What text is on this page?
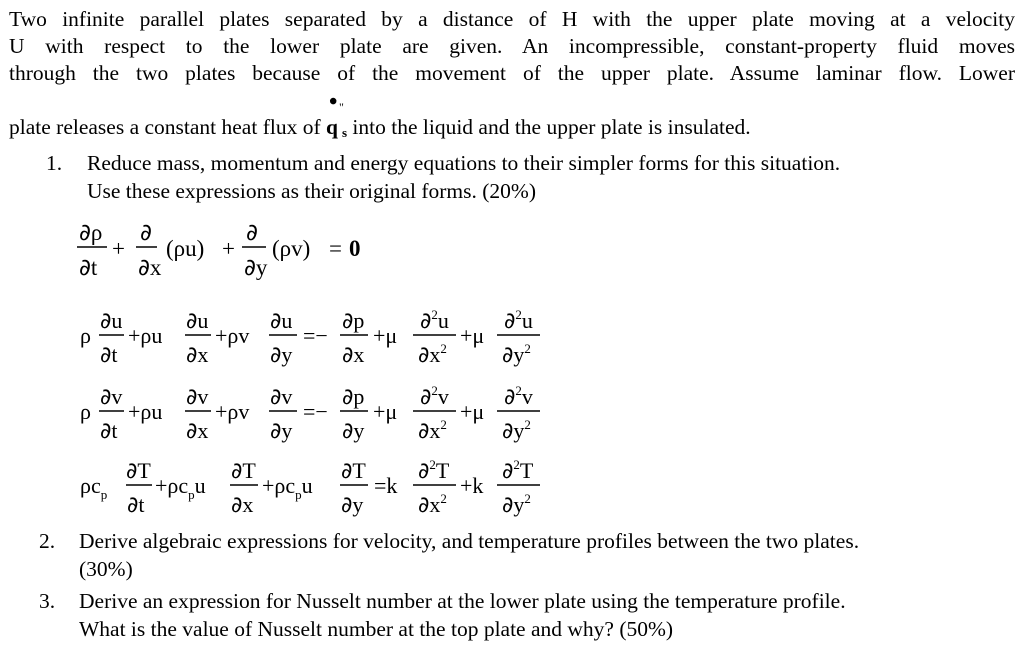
Two infinite parallel plates separated by a distance of H with the upper plate moving at a velocity
U with respect to the lower plate are given. An incompressible, constant-property fluid moves
through the two plates because of the movement of the upper plate. Assume laminar flow. Lower
plate releases a constant heat flux of q
• "
s into the liquid and the upper plate is insulated.
1. Reduce mass, momentum and energy equations to their simpler forms for this situation.
Use these expressions as their original forms. (20%)
∂ρ
∂t
+
∂
∂x
(ρu) +
∂
∂y
(ρv) = 0
ρ
∂u
∂t
+ρu
∂u
∂x
+ρv
∂u
∂y
=−
∂p
∂x
+μ
∂$^2$u
$\partial x^2$
+μ
∂$^2$u
$\partial y^2$
ρ
∂v
∂t
+ρu
∂v
∂x
+ρv
∂v
∂y
=−
∂p
∂y
+μ
∂$^2$v
$\partial x^2$
+μ
∂$^2$v
$\partial y^2$
$\rho c_p$
∂T
∂t
$+\rho c_pu$
∂T
∂x
$+\rho c_pu$
∂T
∂y
=k
∂$^2$T
$\partial x^2$
+k
∂$^2$T
$\partial y^2$
2. Derive algebraic expressions for velocity, and temperature profiles between the two plates.
(30%)
3. Derive an expression for Nusselt number at the lower plate using the temperature profile.
What is the value of Nusselt number at the top plate and why? (50%)
